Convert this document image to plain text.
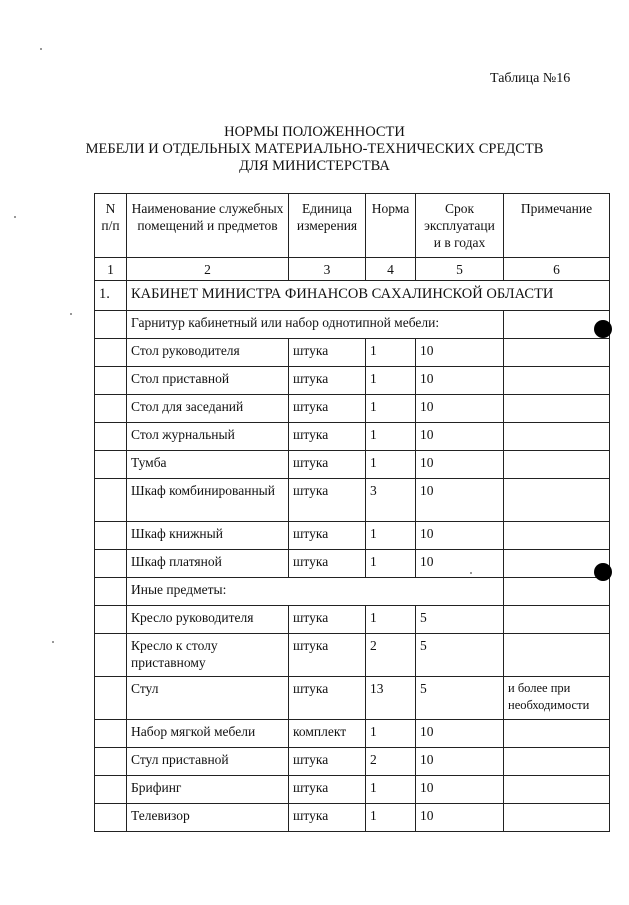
Таблица №16
НОРМЫ ПОЛОЖЕННОСТИ
МЕБЕЛИ И ОТДЕЛЬНЫХ МАТЕРИАЛЬНО-ТЕХНИЧЕСКИХ СРЕДСТВ
ДЛЯ МИНИСТЕРСТВА
N п/п	Наименование служебных помещений и предметов	Единица измерения	Норма	Срок эксплуатаци и в годах	Примечание
1	2	3	4	5	6
1.	КАБИНЕТ МИНИСТРА ФИНАНСОВ САХАЛИНСКОЙ ОБЛАСТИ				
	Гарнитур кабинетный или набор однотипной мебели:				
	Стол руководителя	штука	1	10	
	Стол приставной	штука	1	10	
	Стол для заседаний	штука	1	10	
	Стол журнальный	штука	1	10	
	Тумба	штука	1	10	
	Шкаф комбинированный	штука	3	10	
	Шкаф книжный	штука	1	10	
	Шкаф платяной	штука	1	10	
	Иные предметы:				
	Кресло руководителя	штука	1	5	
	Кресло к столу приставному	штука	2	5	
	Стул	штука	13	5	и более при необходимости
	Набор мягкой мебели	комплект	1	10	
	Стул приставной	штука	2	10	
	Брифинг	штука	1	10	
	Телевизор	штука	1	10	
